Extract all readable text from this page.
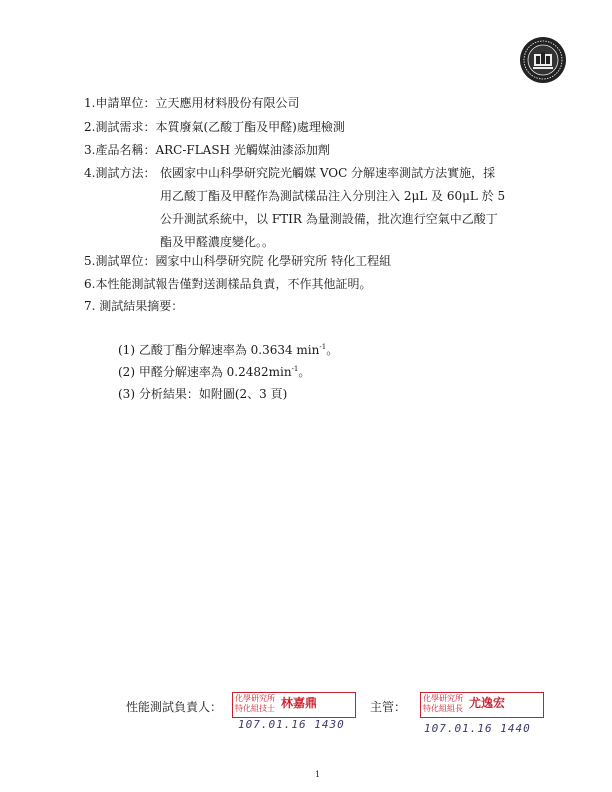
1.申請單位：立天應用材料股份有限公司
2.測試需求：本質廢氣(乙酸丁酯及甲醛)處理檢測
3.產品名稱：ARC-FLASH 光觸媒油漆添加劑
4.測試方法： 依國家中山科學研究院光觸媒 VOC 分解速率測試方法實施，採
用乙酸丁酯及甲醛作為測試樣品注入分別注入 2μL 及 60μL 於 5
公升測試系統中，以 FTIR 為量測設備，批次進行空氣中乙酸丁
酯及甲醛濃度變化。。
5.測試單位：國家中山科學研究院 化學研究所 特化工程組
6.本性能測試報告僅對送測樣品負責，不作其他証明。
7. 測試結果摘要：
(1) 乙酸丁酯分解速率為 0.3634 $\min^{-1}$。
(2) 甲醛分解速率為 $0.2482\min^{-1}$。
(3) 分析結果：如附圖(2、3 頁)
性能測試負責人：
化學研究所
特化組技士 林嘉鼎
107.01.16 1430
主管：
化學研究所
特化組組長 尤逸宏
107.01.16 1440
1
